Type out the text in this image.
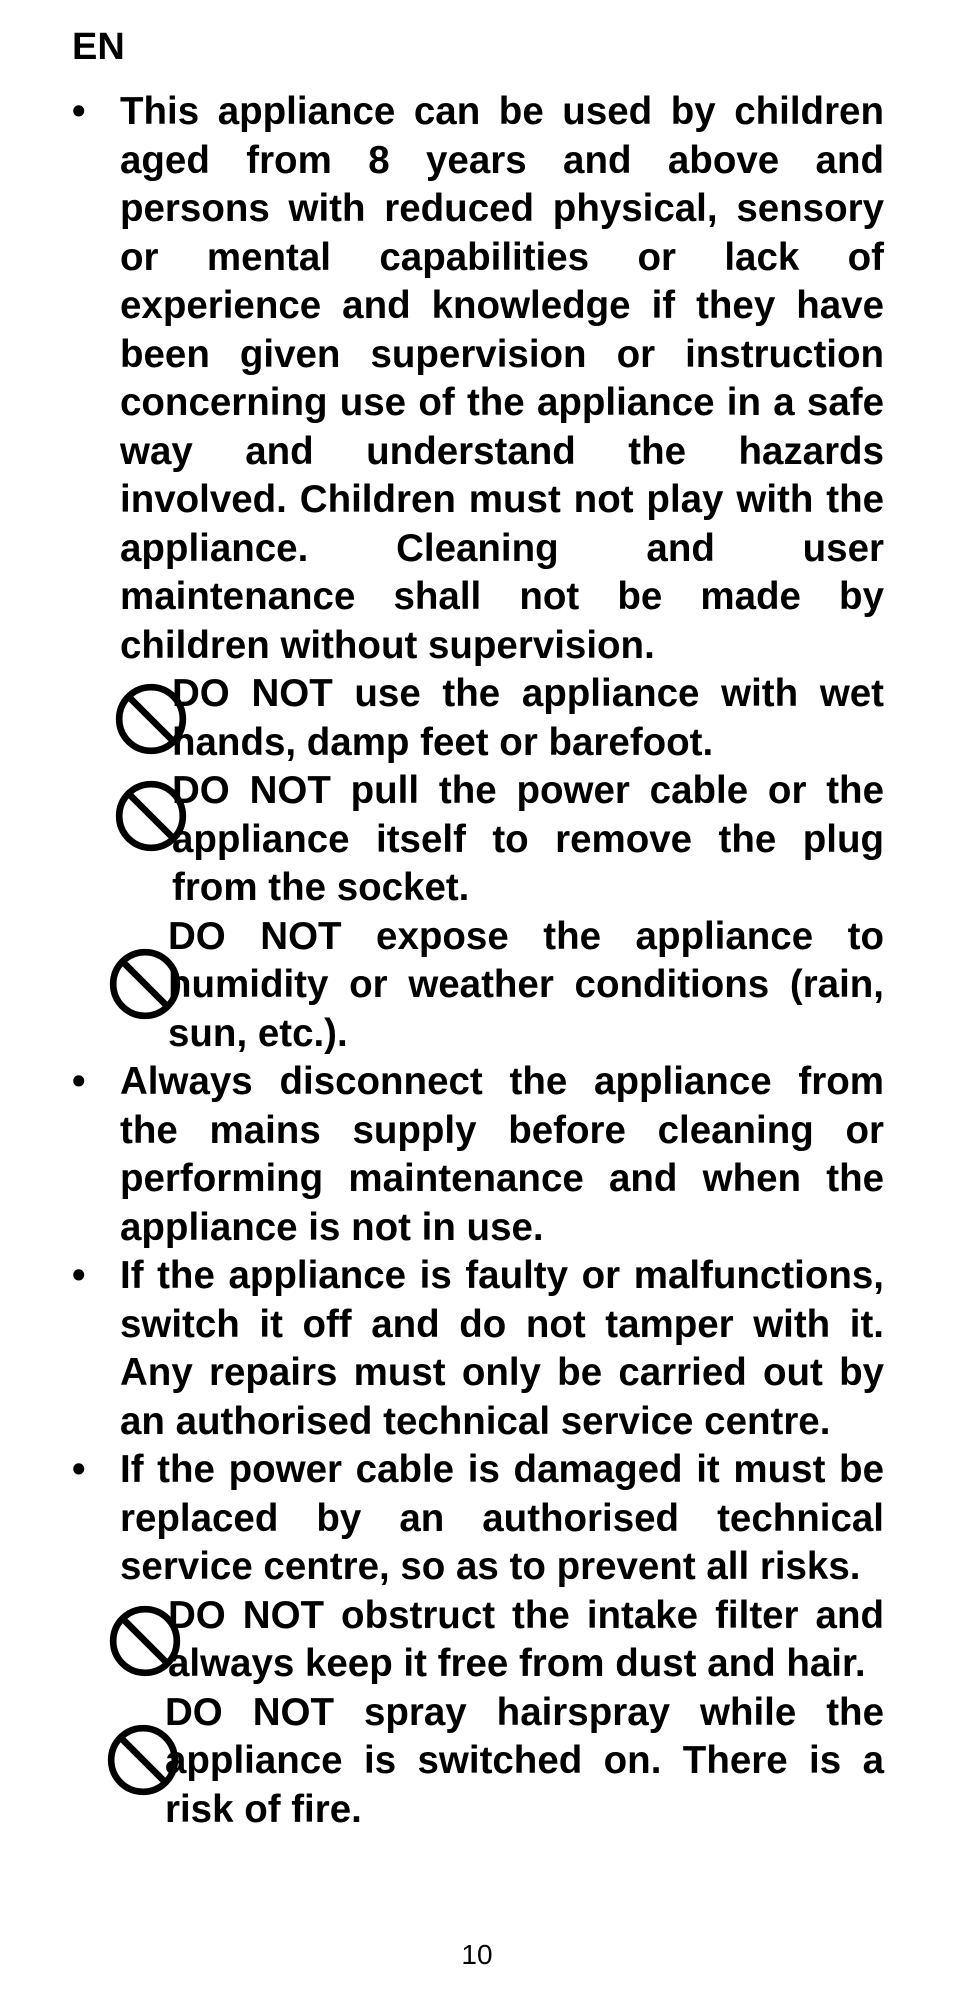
EN
• This appliance can be used by children aged from 8 years and above and persons with reduced physical, sensory or mental capabilities or lack of experience and knowledge if they have been given supervision or instruction concerning use of the appliance in a safe way and understand the hazards involved. Children must not play with the appliance. Cleaning and user maintenance shall not be made by children without supervision.
DO NOT use the appliance with wet hands, damp feet or barefoot.
DO NOT pull the power cable or the appliance itself to remove the plug from the socket.
DO NOT expose the appliance to humidity or weather conditions (rain, sun, etc.).
• Always disconnect the appliance from the mains supply before cleaning or performing maintenance and when the appliance is not in use.
• If the appliance is faulty or malfunctions, switch it off and do not tamper with it. Any repairs must only be carried out by an authorised technical service centre.
• If the power cable is damaged it must be replaced by an authorised technical service centre, so as to prevent all risks.
DO NOT obstruct the intake filter and always keep it free from dust and hair.
DO NOT spray hairspray while the appliance is switched on. There is a risk of fire.
10
